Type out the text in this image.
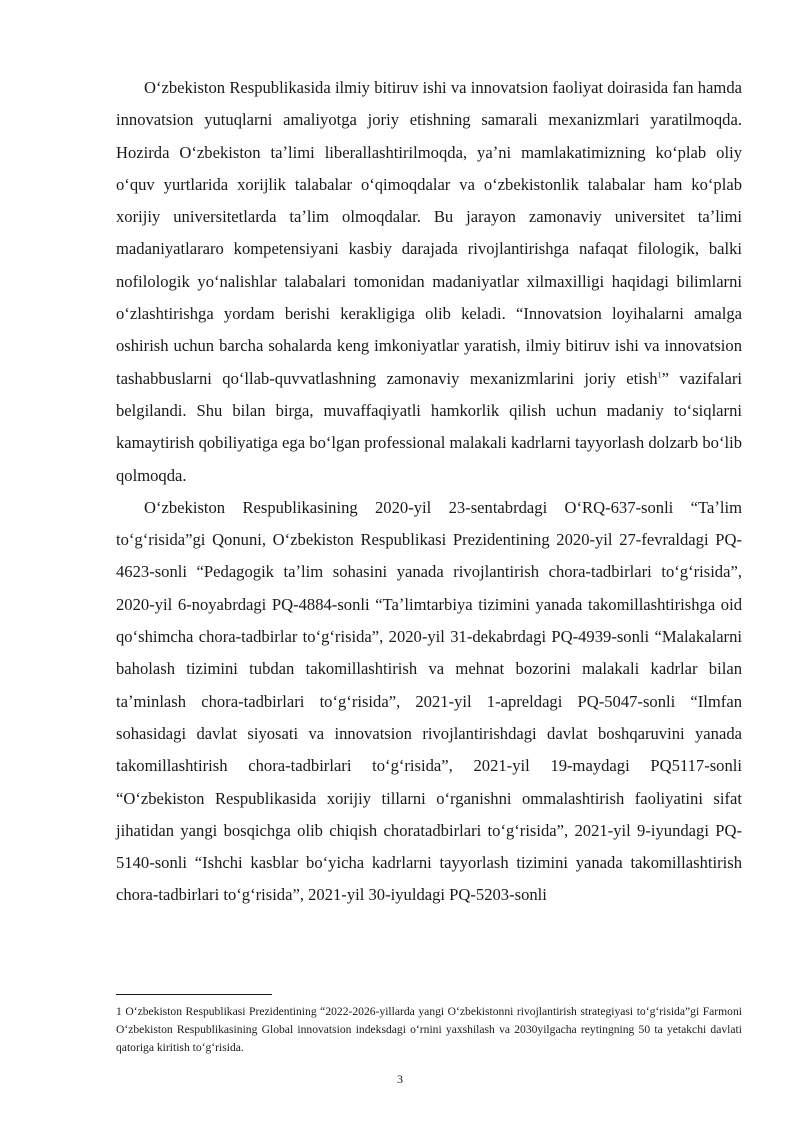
Oʻzbekiston Respublikasida ilmiy bitiruv ishi va innovatsion faoliyat doirasida fan hamda innovatsion yutuqlarni amaliyotga joriy etishning samarali mexanizmlari yaratilmoqda. Hozirda Oʻzbekiston taʼlimi liberallashtirilmoqda, yaʼni mamlakatimizning koʻplab oliy oʻquv yurtlarida xorijlik talabalar oʻqimoqdalar va oʻzbekistonlik talabalar ham koʻplab xorijiy universitetlarda taʼlim olmoqdalar. Bu jarayon zamonaviy universitet taʼlimi madaniyatlararo kompetensiyani kasbiy darajada rivojlantirishga nafaqat filologik, balki nofilologik yoʻnalishlar talabalari tomonidan madaniyatlar xilmaxilligi haqidagi bilimlarni oʻzlashtirishga yordam berishi kerakligiga olib keladi. “Innovatsion loyihalarni amalga oshirish uchun barcha sohalarda keng imkoniyatlar yaratish, ilmiy bitiruv ishi va innovatsion tashabbuslarni qoʻllab-quvvatlashning zamonaviy mexanizmlarini joriy etish$^1$” vazifalari belgilandi. Shu bilan birga, muvaffaqiyatli hamkorlik qilish uchun madaniy toʻsiqlarni kamaytirish qobiliyatiga ega boʻlgan professional malakali kadrlarni tayyorlash dolzarb boʻlib qolmoqda.

Oʻzbekiston Respublikasining 2020-yil 23-sentabrdagi OʻRQ-637-sonli “Taʼlim toʻgʻrisida”gi Qonuni, Oʻzbekiston Respublikasi Prezidentining 2020-yil 27-fevraldagi PQ-4623-sonli “Pedagogik taʼlim sohasini yanada rivojlantirish chora-tadbirlari toʻgʻrisida”, 2020-yil 6-noyabrdagi PQ-4884-sonli “Taʼlimtarbiya tizimini yanada takomillashtirishga oid qoʻshimcha chora-tadbirlar toʻgʻrisida”, 2020-yil 31-dekabrdagi PQ-4939-sonli “Malakalarni baholash tizimini tubdan takomillashtirish va mehnat bozorini malakali kadrlar bilan taʼminlash chora-tadbirlari toʻgʻrisida”, 2021-yil 1-apreldagi PQ-5047-sonli “Ilmfan sohasidagi davlat siyosati va innovatsion rivojlantirishdagi davlat boshqaruvini yanada takomillashtirish chora-tadbirlari toʻgʻrisida”, 2021-yil 19-maydagi PQ5117-sonli “Oʻzbekiston Respublikasida xorijiy tillarni oʻrganishni ommalashtirish faoliyatini sifat jihatidan yangi bosqichga olib chiqish choratadbirlari toʻgʻrisida”, 2021-yil 9-iyundagi PQ-5140-sonli “Ishchi kasblar boʻyicha kadrlarni tayyorlash tizimini yanada takomillashtirish chora-tadbirlari toʻgʻrisida”, 2021-yil 30-iyuldagi PQ-5203-sonli

1 Oʻzbekiston Respublikasi Prezidentining “2022-2026-yillarda yangi Oʻzbekistonni rivojlantirish strategiyasi toʻgʻrisida”gi Farmoni Oʻzbekiston Respublikasining Global innovatsion indeksdagi oʻrnini yaxshilash va 2030yilgacha reytingning 50 ta yetakchi davlati qatoriga kiritish toʻgʻrisida.

3
